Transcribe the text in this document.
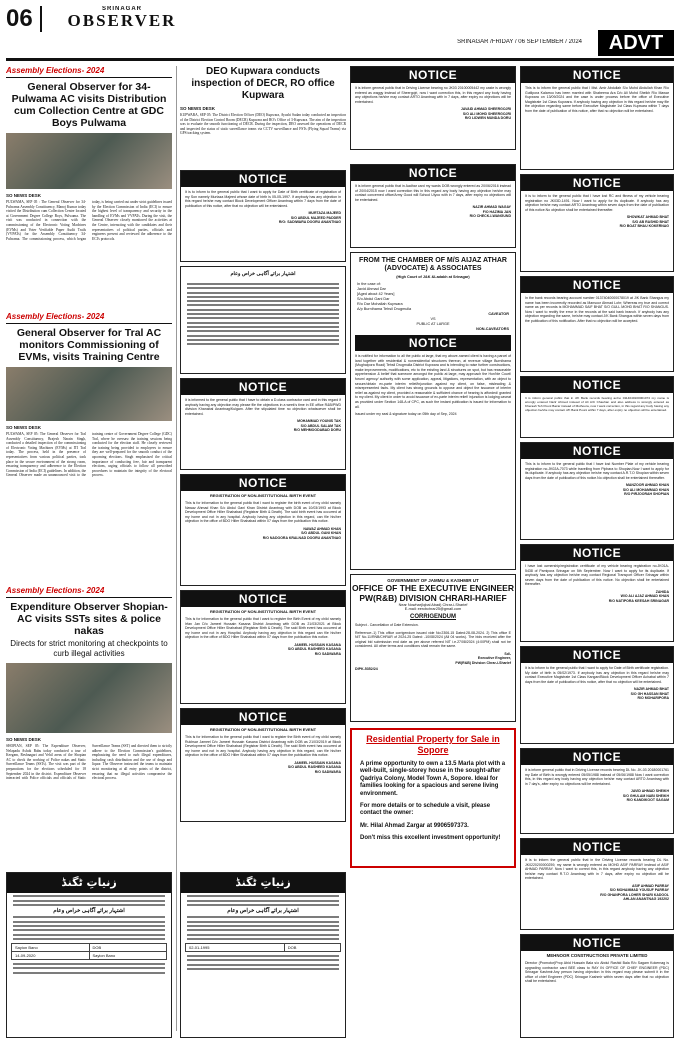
06	SRINAGAR
OBSERVER
SRINAGAR /FRIDAY / 06 SEPTEMBER / 2024	ADVT
Assembly Elections- 2024
General Observer for 34-Pulwama AC visits Distribution cum Collection Centre at GDC Boys Pulwama
SO NEWS DESK
PULWAMA, SEP 05 : The General Observer for 34-Pulwama Assembly Constituency, Manoj Kumar today visited the Distribution cum Collection Centre located at Government Degree College Boys, Pulwama. The visit was conducted in connection with the commissioning of the Electronic Voting Machines (EVMs) and Voter Verifiable Paper Audit Trails (VVPATs) for the Assembly Constituency 34-Pulwama. The commissioning process, which began today, is being carried out under strict guidelines issued by the Election Commission of India (ECI) to ensure the highest level of transparency and security in the handling of EVMs and VVPATs. During the visit, the General Observer closely monitored the activities at the Centre, interacting with the candidates and their representatives of political parties, officials and engineers present and reviewed the adherence to the ECI's protocols.
Assembly Elections- 2024
General Observer for Tral AC monitors Commissioning of EVMs, visits Training Centre
SO NEWS DESK
PULWAMA, SEP 05: The General Observer for Tral Assembly Constituency, Brajesh Narain Singh, conducted a detailed inspection of the commissioning of Electronic Voting Machines (EVMs) at ITI Tral today. The process, held in the presence of representatives from various political parties, took place in the secure environment of the strong room, ensuring transparency and adherence to the Election Commission of India (ECI) guidelines. In addition, the General Observer made an unannounced visit to the training centre of Government Degree College (GDC) Tral, where he oversaw the training sessions being conducted for the election staff. He closely reviewed the training being provided to employees to ensure they are well-prepared for the smooth conduct of the upcoming elections. Singh emphasized the critical importance of conducting free, fair and transparent elections, urging officials to follow all prescribed procedures to maintain the integrity of the electoral process.
Assembly Elections- 2024
Expenditure Observer Shopian-AC visits SSTs sites & police nakas
Directs for strict monitoring at checkpoints to curb illegal activities
SO NEWS DESK
SHOPIAN, SEP 05: The Expenditure Observer, Nelapadu Ashok Babu today conducted a tour of Keegam, Reshnagari and Vehil areas of the Shopian AC to check the working of Police nakas and Static Surveillance Teams (SSTs). The visit was part of the preparations for the elections scheduled for 18 September 2024 in the district. Expenditure Observer interacted with Police officials and officials of Static Surveillance Teams (SST) and directed them to strictly adhere to the Election Commission's guidelines, emphasizing the need to curb illegal expenditures, including cash distribution and the use of drugs and liquor. The Observer instructed the teams to maintain strict monitoring at all entry points of the district, ensuring that no illegal activities compromise the electoral process.
DEO Kupwara conducts inspection of DECR, RO office Kupwara
SO NEWS DESK
KUPWARA, SEP 05: The District Election Officer (DEO) Kupwara, Ayushi Sudan today conducted an inspection of the District Election Control Room (DECR) Kupwara and RO's Office of 3-Kupwara. The aim of the inspection was to evaluate the smooth functioning of DECR. During the inspection, DEO assessed the operations of DECR and inspected the status of static surveillance teams via CCTV surveillance and FSTs (Flying Squad Teams) via GPS tracking system.
NOTICE
It is to inform to the general public that I want to apply for Date of Birth certificate of registration of my Son namely Murtaza Majeed whose date of birth is 05-05-1997. If anybody has any objection in this regard he/she may contact Block Development Officer Anantnag within 7 days from the date of publication of this notice, after that no objection will be entertained.
MURTAZA MAJEED
S/O ABDUL MAJEED PADDER
R/O: SADIWARA DOORU ANANTNAG
اشتہار برائے آگاہی خراص وعام
NOTICE
It is informed to the general public that I have to obtain a D-class contractor card and in this regard if anybody having any objection may please file the objections in a week's time in EE office R&B/PWD division Khanabal Anantnag/Kulgam. After the stipulated time no objection whatsoever shall be entertained.
MOHAMMAD YOUNIS TAK
S/O ABDUL SALAM TAK
R/O MEHMOODABAD DORU
NOTICE
REGISTRATION OF NON-INSTITUTIONAL BIRTH EVENT
This is for information to the general public that I want to register the birth event of my child namely Nawaz Ahmad Khan S/o Abdul Gani Khan District Anantnag with DOB as 10/03/1993 at Block Development Office Hiller Shahabad (Registrar Birth & Death). The said birth event has occurred at my home and not in any hospital. Anybody having any objection in this regard, can file his/her objection in the office of BDO Hiller Shahabad within 07 days from the publication this notice.
NAWAZ AHMAD KHAN
S/O ABDUL GANI KHAN
R/O NADOORA KRALNAD DOORU ANANTNAG
NOTICE
REGISTRATION OF NON-INSTITUTIONAL BIRTH EVENT
This is for information to the general public that I want to register the Birth Event of my child namely Irfan Jan D/o Jameel Hussain Kasana District Anantnag with DOB as 21/03/2021 at Block Development Office Hiller Shahabad (Registrar Birth & Death). The said Birth event has occurred at my home and not in any Hospital. Anybody having any objection in this regard can file his/her objection in the office of BDO Hiller Shahabad within 07 days from the publication this notice.
JAMEEL HUSSAIN KASANA
S/O ABDUL RASHEED KASANA
R/O SADIWARA
NOTICE
REGISTRATION OF NON-INSTITUTIONAL BIRTH EVENT
This is for information to the general public that I want to register the Birth event of my child namely Rukhsar Jameel D/o Jameel Hussain Kasana District Anantnag with DOB as 21/03/2019 at Block Development Office Hiller Shahabad (Registrar Birth & Death). The said Birth event has occurred at my home and not in any hospital. Anybody having any objection in this regard, can file his/her objection in the office of BDO Hiller Shahabad within 07 days from the publication this notice.
JAMEEL HUSSAIN KASANA
S/O ABDUL RASHEED KASANA
R/O SADIWARA
NOTICE
It is inform general public that in Driving License bearing no JK03 20100005442 my caste is wrongly entered as waggy instead of Sheergojri, now I want correction this, in this regard any body having any objections he/she may contact ARTO Anantnag with in 7 days, after expiry no objections will be entertained.
JAVAID AHMAD SHEERGOJRI
S/O ALI MOHD SHEERGOJRI
R/O LIDWEN MUNDA DORU
NOTICE
It is inform general public that in Aadhar card my wards DOB wrongly entered as 20/06/2016 instead of 20/04/2015 now I want correction this in this regard any body having any objection he/she may contact concerned office/Army Good will School Uiyoo with in 7 days, after expiry no objections will be entertained.
NAZIR AHMAD WAGAY
F/O HAZIMA JAN
R/O CHECK-I-WANGUND
FROM THE CHAMBER OF M/S AIJAZ ATHAR (ADVOCATE) & ASSOCIATES
(High Court of J&K &Ladakh at Srinagar)
In the case of:
Javid Ahmad Dar
[Aged about 42 Years]
S/o Abdul Gani Dar
R/o Dar Mohallah Kupwara
A/p Burnihama Tehsil Drugmulla
CAVEATOR
VS
PUBLIC AT LARGE
NON-CAVEATORS
NOTICE
It is notified for information to all the public at large, that my above-named client is having a parcel of land together with residential & nonresidential structures thereon, at revenue village Burnihama (Mughalpora Road) Tehsil Drugmulla District Kupwara and is intending to raise further constructions, make improvements, modifications, etc to the existing land & structures on spot, but has reasonable apprehension & belief that someone amongst the public at large, may approach the Hon'ble Court/ forum/ agency/ authority with some application, appeal, litigations, representation, with an object to secure/obtain ex-parte interim relief/injunction against my client, on false, misleading & misrepresented facts. My client has strong grounds to oppose and object the issuance of interim relief as against my client, provided a reasonable & sufficient chance of hearing is afforded/ granted to my client. My client in order to avoid issuance of ex-parte interim relief/ injunction is lodging caveat as provided under Section 148-A of CPC, as such the instant publication is issued for information to all.
Issued under my seal & signature today on 05th day of Sep, 2024
GOVERNMENT OF JAMMU & KASHMIR UT
OFFICE OF THE EXECUTIVE ENGINEER PW(R&B) DIVISION CHRARI-HARIEF
Near Nowhar(Iqbal Abad) Chrar-i-Sharief
E-mail: eercbchrar25@gmail.com
CORRIGENDUM
Subject - Cancellation of Date Extension.
Reference:-1) This office corrigendum issued vide No:2306-15 Dated:28-08-2024. 2) This office E NIT No.11/RNB/CHRAR of 2024-25 Dated: -10/08/2024 (All 04 works). The bids received after the original bid submission end date as per above referred NIT i.e.27/08/2024 (4:00PM) shall not be considered. All other terms and conditions shall remain the same.
Sd/-
Executive Engineer,
PW(R&B) Division Chrar-i-Sharief
DIPK-5352/24
Residential Property for Sale in Sopore
A prime opportunity to own a 13.5 Marla plot with a well-built, single-storey house in the sought-after Qadriya Colony, Model Town A, Sopore. Ideal for families looking for a spacious and serene living environment.
For more details or to schedule a visit, please contact the owner:
Mr. Hilal Ahmad Zargar at 9906597373.
Don't miss this excellent investment opportunity!
NOTICE
This is to inform the general public that I Mst. Amir Abdullah S/o Mohd Abdullah Khan R/o Gutlipora Kalarroo has been married with Shabeena Ara D/o Ali Mohd Sheikh R/o Mawar Kupwara on 13/09/2024 and the case is under process before the office of Executive Magistrate 1st Class Kupwara. If anybody having any objection in this regard he/she may file the objection regarding same before Executive Magistrate 1st Class Kupwara within 7 days from the date of publication of this notice, after that no objection will be entertained.
NOTICE
It is to inform to the general public that I have lost RC and fitness of my vehicle bearing registration no JK03D-1491. Now I want to apply for its duplicate. If anybody has any objection he/she may contact ARTO Anantnag within seven days from the date of publication of this notice.No objection shall be entertained thereafter.
SHOWKAT AHMAD BHAT
S/O AB RASHID BHAT
R/O BOAT BHAU KOKERNAG
NOTICE
In the bank records bearing account number 01374040000078019 at J/K Bank Shangus my name has been incorrectly recorded as Mansoor Ahmad Lohr; Whereas my true and correct name as per records is MOHAMMAD SAIF BHAT S/O GULL MOHD BHAT R/O SHANGUS. Now I want to rectify the error in the records at the said bank branch. If anybody has any objection regarding the same, he/she may contact J/K Bank Shangus within seven days from the publication of this notification. After that no objection will be accepted.
NOTICE
It is inform general public that in J/K Bank records bearing ac/no 0114040100001074 my name is wrongly entered Nazir Ahmed instead of Ali A/C Chauhan and also address is wrongly entered as Kheraah Teh Pouni Bazar instead of Muthoora, now I want correction, in this regard any body having any objection he/she may contact J/K Bank Pouni within 7 days, after expiry no objection will be entertained.
NOTICE
This is to inform to the general public that I have lost Number Plate of my vehicle bearing registration no.JK02A-7073 while travelling from Pipbara to Shopian.Now I want to apply for its duplicate. If anybody has any objection he/she may contact A.R.T.O Shopian within seven days from the date of publication of this notice.No objection shall be entertained thereafter.
MANZOOR AHMAD KHAN
S/O ALI MOHAMMAD KHAN
R/O PIRJOORAH SHOPIAN
NOTICE
I have lost ownership/registration certificate of my vehicle bearing registration no.JK01A-5438 of Pamipora Srinagar on 5th September. Now I want to apply for its duplicate. If anybody has any objection he/she may contact Regional Transport Officer Srinagar within seven days from the date of publication of this notice. No objection shall be entertained thereafter.
ZAHIDA
W/O ALI AJAZ AHMAD KHAN
R/O NATIPORA KEESAH SRINAGAR
NOTICE
It is to inform to the general public that I want to apply for Date of Birth certificate registration. My date of birth is 05/02/1973. If anybody has any objection in this regard he/she may contact Executive Magistrate 1st Class Kangan/Block Development Officer Achabal within 7 days from the date of publication of this notice, after that no objection will be entertained.
NAZIR AHMAD BHAT
S/O GH HASSAN BHAT
R/O MOHARIPORA
NOTICE
It is inform general public that in Driving License records bearing DL No. JK-03 20180001761 my Date of Birth is wrongly entered 05/05/1988 instead of 05/06/1988 Now I want correction this, in this regard any body having any objection he/she may contact ARTO Anantnag with in 7 day's, after expiry no objections will be entertained.
JAVID AHMAD SHEIKH
S/O GHULAM NABI SHEIKH
R/O KANDIKOOT SAGAM
NOTICE
It is to inform the general public that in the Driving License records bearing DL No. JK0220200000259, my name is wrongly entered as MOHD ASIF PARRAY instead of ASIF AHMAD PARRAY. Now I want to correct this, in this regard anybody having any objection he/she may contact R.T.O Anantnag with in 7 days, after expiry no objection will be entertained.
ASIF AHMAD PARRAY
S/O MOHAMMAD YOUSUF PARRAY
R/O GHANPORA LOHER SHARI KADOOL
AHLAN ANANTNAG 192202
NOTICE
MEHNOOR CONSTRUCTIONS PRIVATE LIMITED
Director (Promotor)Prop Abid Hussain Bala s/o Abdul Rashid Bala R/o Sagam Kokernag is upgrading contractor card BEE class to RAY IN OFFICE OF CHIEF ENGINEER (PDC) Srinagar Kashmir.Any person having objection in this regard may please submit it in the office of chief Engineer (PDC) Srinagar Kashmir within seven days after that no objection shall be entertained.
زنیاتِ ٹگنڈ
اشتہار برائے آگاہی خراص وعام
Sayion Bano	DOB
14-09-2020	Sayion Bano
زنیاتِ ٹگنڈ
اشتہار برائے آگاہی خراص وعام
02-01-1995	DOB
